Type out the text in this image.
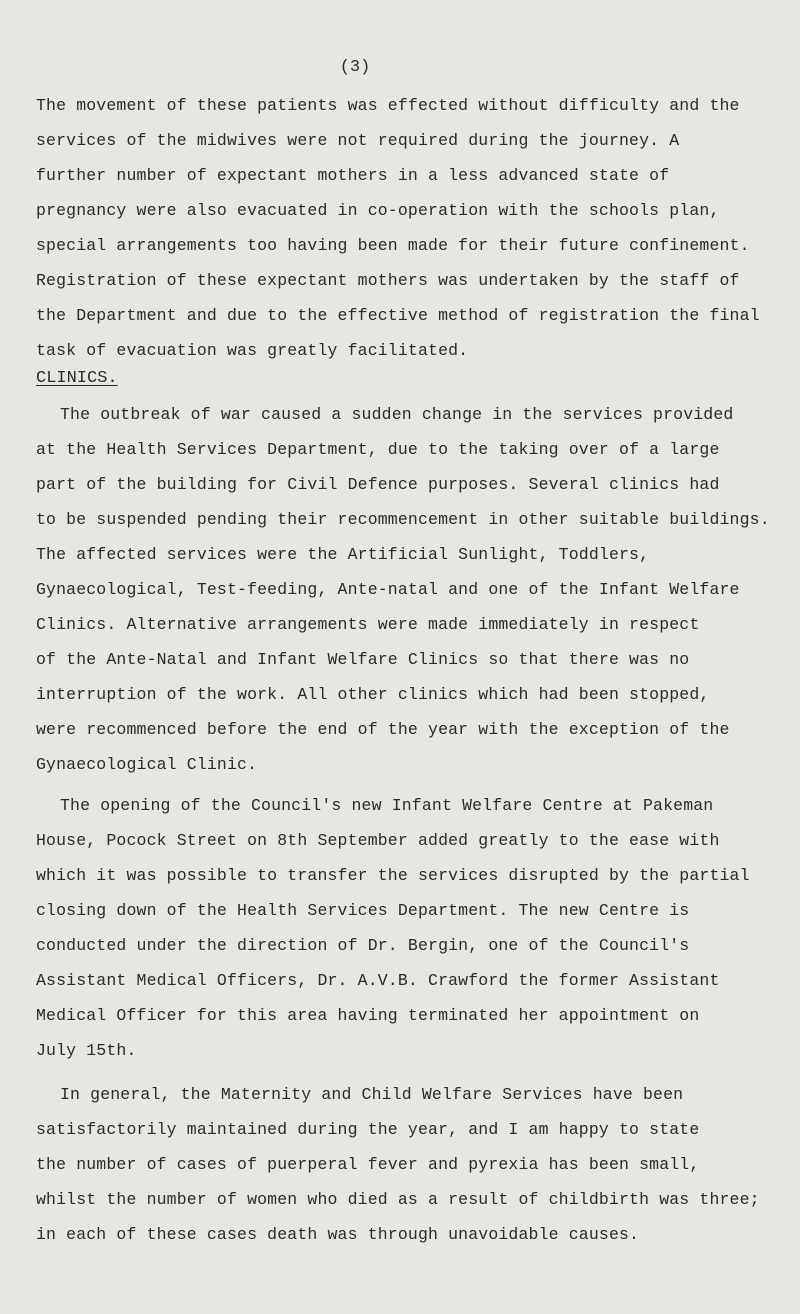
(3)
The movement of these patients was effected without difficulty and the
services of the midwives were not required during the journey. A
further number of expectant mothers in a less advanced state of
pregnancy were also evacuated in co-operation with the schools plan,
special arrangements too having been made for their future confinement.
Registration of these expectant mothers was undertaken by the staff of
the Department and due to the effective method of registration the final
task of evacuation was greatly facilitated.
CLINICS.
The outbreak of war caused a sudden change in the services provided
at the Health Services Department, due to the taking over of a large
part of the building for Civil Defence purposes. Several clinics had
to be suspended pending their recommencement in other suitable buildings.
The affected services were the Artificial Sunlight, Toddlers,
Gynaecological, Test-feeding, Ante-natal and one of the Infant Welfare
Clinics. Alternative arrangements were made immediately in respect
of the Ante-Natal and Infant Welfare Clinics so that there was no
interruption of the work. All other clinics which had been stopped,
were recommenced before the end of the year with the exception of the
Gynaecological Clinic.
The opening of the Council's new Infant Welfare Centre at Pakeman
House, Pocock Street on 8th September added greatly to the ease with
which it was possible to transfer the services disrupted by the partial
closing down of the Health Services Department. The new Centre is
conducted under the direction of Dr. Bergin, one of the Council's
Assistant Medical Officers, Dr. A.V.B. Crawford the former Assistant
Medical Officer for this area having terminated her appointment on
July 15th.
In general, the Maternity and Child Welfare Services have been
satisfactorily maintained during the year, and I am happy to state
the number of cases of puerperal fever and pyrexia has been small,
whilst the number of women who died as a result of childbirth was three;
in each of these cases death was through unavoidable causes.
